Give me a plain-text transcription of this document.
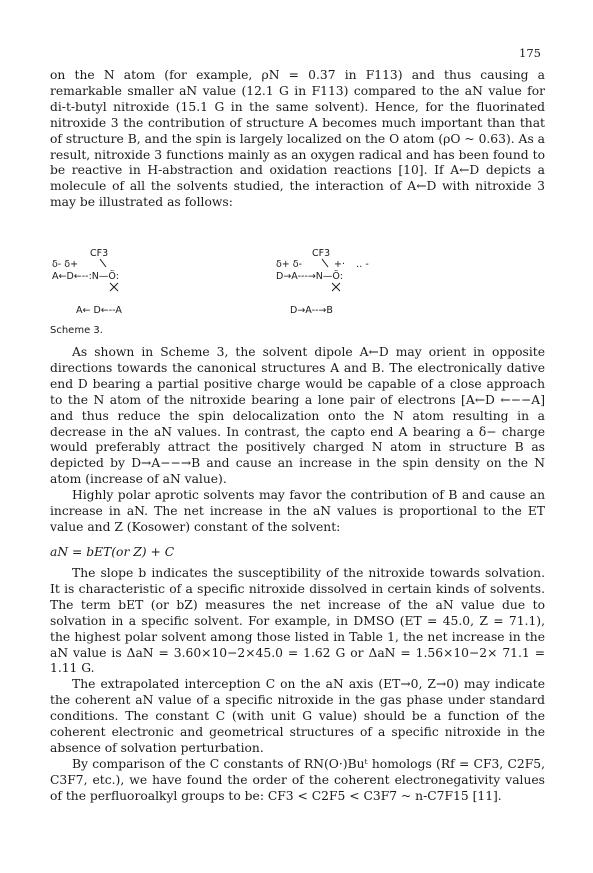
175

on the N atom (for example, ρN = 0.37 in F113) and thus causing a remarkable smaller aN value (12.1 G in F113) compared to the aN value for di-t-butyl nitroxide (15.1 G in the same solvent). Hence, for the fluorinated nitroxide 3 the contribution of structure A becomes much important than that of structure B, and the spin is largely localized on the O atom (ρO ~ 0.63). As a result, nitroxide 3 functions mainly as an oxygen radical and has been found to be reactive in H-abstraction and oxidation reactions [10]. If A←D depicts a molecule of all the solvents studied, the interaction of A←D with nitroxide 3 may be illustrated as follows:

CF3
δ- δ+
A←D←--:N—Ö:
A← D←--A
CF3
δ+ δ-	+· ‥ -
D→A---→N—Ö:
D→A--→B
Scheme 3.

As shown in Scheme 3, the solvent dipole A←D may orient in opposite directions towards the canonical structures A and B. The electronically dative end D bearing a partial positive charge would be capable of a close approach to the N atom of the nitroxide bearing a lone pair of electrons [A←D ←−−A] and thus reduce the spin delocalization onto the N atom resulting in a decrease in the aN values. In contrast, the capto end A bearing a δ− charge would preferably attract the positively charged N atom in structure B as depicted by D→A−−→B and cause an increase in the spin density on the N atom (increase of aN value).

Highly polar aprotic solvents may favor the contribution of B and cause an increase in aN. The net increase in the aN values is proportional to the ET value and Z (Kosower) constant of the solvent:

aN = bET(or Z) + C

The slope b indicates the susceptibility of the nitroxide towards solvation. It is characteristic of a specific nitroxide dissolved in certain kinds of solvents. The term bET (or bZ) measures the net increase of the aN value due to solvation in a specific solvent. For example, in DMSO (ET = 45.0, Z = 71.1), the highest polar solvent among those listed in Table 1, the net increase in the aN value is ΔaN = 3.60×10−2×45.0 = 1.62 G or ΔaN = 1.56×10−2× 71.1 = 1.11 G.

The extrapolated interception C on the aN axis (ET→0, Z→0) may indicate the coherent aN value of a specific nitroxide in the gas phase under standard conditions. The constant C (with unit G value) should be a function of the coherent electronic and geometrical structures of a specific nitroxide in the absence of solvation perturbation.

By comparison of the C constants of RN(O·)Buᵗ homologs (Rf = CF3, C2F5, C3F7, etc.), we have found the order of the coherent electronegativity values of the perfluoroalkyl groups to be: CF3 < C2F5 < C3F7 ~ n-C7F15 [11].
